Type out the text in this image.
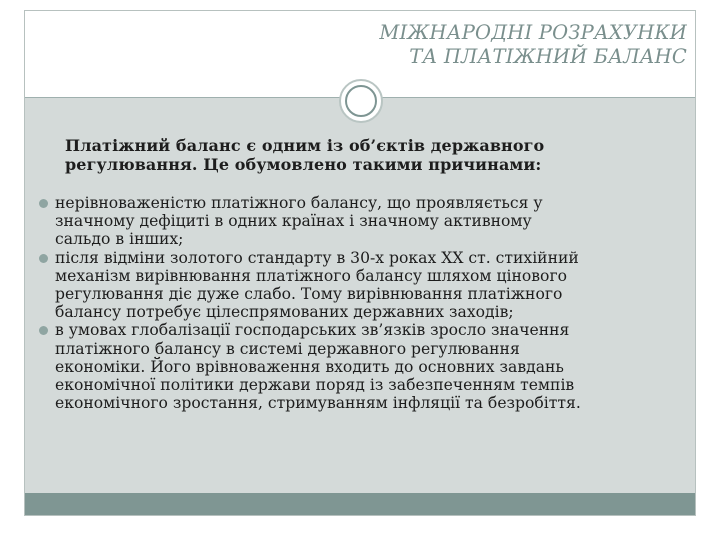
МІЖНАРОДНІ РОЗРАХУНКИ
ТА ПЛАТІЖНИЙ БАЛАНС
Платіжний баланс є одним із об’єктів державного
регулювання. Це обумовлено такими причинами:
нерівноваженістю платіжного балансу, що проявляється у
значному дефіциті в одних країнах і значному активному
сальдо в інших;
після відміни золотого стандарту в 30-х роках XX ст. стихійний
механізм вирівнювання платіжного балансу шляхом цінового
регулювання діє дуже слабо. Тому вирівнювання платіжного
балансу потребує цілеспрямованих державних заходів;
в умовах глобалізації господарських зв’язків зросло значення
платіжного балансу в системі державного регулювання
економіки. Його врівноваження входить до основних завдань
економічної політики держави поряд із забезпеченням темпів
економічного зростання, стримуванням інфляції та безробіття.
